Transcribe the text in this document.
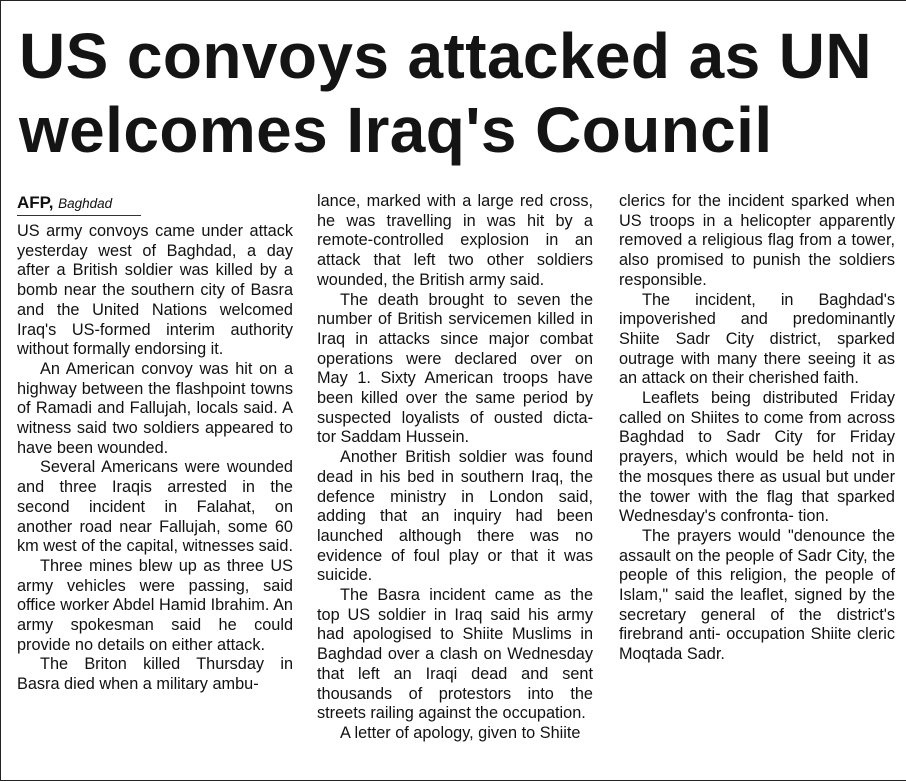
US convoys attacked as UN
welcomes Iraq's Council
AFP, Baghdad

US army convoys came under attack yesterday west of Baghdad, a day after a British soldier was killed by a bomb near the southern city of Basra and the United Nations welcomed Iraq's US-formed interim authority without formally endorsing it.

An American convoy was hit on a highway between the flashpoint towns of Ramadi and Fallujah, locals said. A witness said two soldiers appeared to have been wounded.

Several Americans were wounded and three Iraqis arrested in the second incident in Falahat, on another road near Fallujah, some 60 km west of the capital, witnesses said.

Three mines blew up as three US army vehicles were passing, said office worker Abdel Hamid Ibrahim. An army spokesman said he could provide no details on either attack.

The Briton killed Thursday in Basra died when a military ambu-

lance, marked with a large red cross, he was travelling in was hit by a remote-controlled explosion in an attack that left two other soldiers wounded, the British army said.

The death brought to seven the number of British servicemen killed in Iraq in attacks since major combat operations were declared over on May 1. Sixty American troops have been killed over the same period by suspected loyalists of ousted dicta- tor Saddam Hussein.

Another British soldier was found dead in his bed in southern Iraq, the defence ministry in London said, adding that an inquiry had been launched although there was no evidence of foul play or that it was suicide.

The Basra incident came as the top US soldier in Iraq said his army had apologised to Shiite Muslims in Baghdad over a clash on Wednesday that left an Iraqi dead and sent thousands of protestors into the streets railing against the occupation.

A letter of apology, given to Shiite

clerics for the incident sparked when US troops in a helicopter apparently removed a religious flag from a tower, also promised to punish the soldiers responsible.

The incident, in Baghdad's impoverished and predominantly Shiite Sadr City district, sparked outrage with many there seeing it as an attack on their cherished faith.

Leaflets being distributed Friday called on Shiites to come from across Baghdad to Sadr City for Friday prayers, which would be held not in the mosques there as usual but under the tower with the flag that sparked Wednesday's confronta- tion.

The prayers would "denounce the assault on the people of Sadr City, the people of this religion, the people of Islam," said the leaflet, signed by the secretary general of the district's firebrand anti- occupation Shiite cleric Moqtada Sadr.
